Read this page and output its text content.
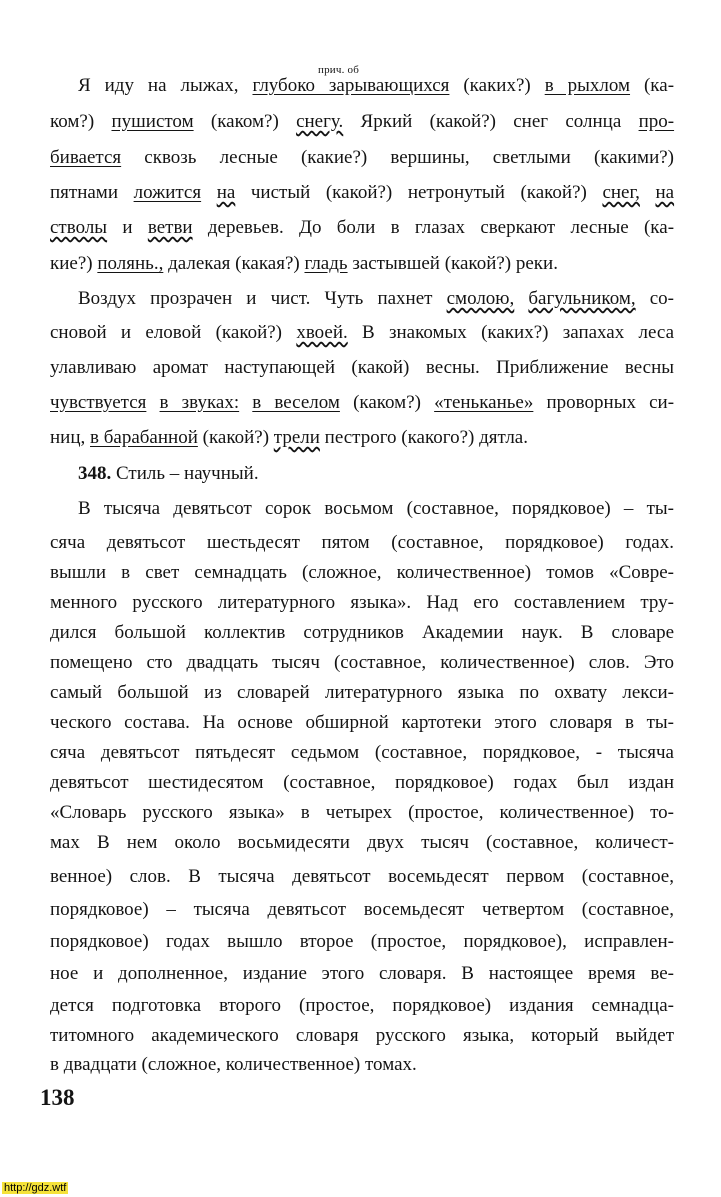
прич. об
Я иду на лыжах, глубоко зарывающихся (каких?) в рыхлом (ка-
ком?) пушистом (каком?) снегу. Яркий (какой?) снег солнца про-
бивается сквозь лесные (какие?) вершины, светлыми (какими?)
пятнами ложится на чистый (какой?) нетронутый (какой?) снег, на
стволы и ветви деревьев. До боли в глазах сверкают лесные (ка-
кие?) полянь., далекая (какая?) гладь застывшей (какой?) реки.
Воздух прозрачен и чист. Чуть пахнет смолою, багульником, со-
сновой и еловой (какой?) хвоей. В знакомых (каких?) запахах леса
улавливаю аромат наступающей (какой) весны. Приближение весны
чувствуется в звуках: в веселом (каком?) «теньканье» проворных си-
ниц, в барабанной (какой?) трели пестрого (какого?) дятла.
348. Стиль – научный.
В тысяча девятьсот сорок восьмом (составное, порядковое) – ты-
сяча девятьсот шестьдесят пятом (составное, порядковое) годах.
вышли в свет семнадцать (сложное, количественное) томов «Совре-
менного русского литературного языка». Над его составлением тру-
дился большой коллектив сотрудников Академии наук. В словаре
помещено сто двадцать тысяч (составное, количественное) слов. Это
самый большой из словарей литературного языка по охвату лекси-
ческого состава. На основе обширной картотеки этого словаря в ты-
сяча девятьсот пятьдесят седьмом (составное, порядковое, - тысяча
девятьсот шестидесятом (составное, порядковое) годах был издан
«Словарь русского языка» в четырех (простое, количественное) то-
мах В нем около восьмидесяти двух тысяч (составное, количест-
венное) слов. В тысяча девятьсот восемьдесят первом (составное,
порядковое) – тысяча девятьсот восемьдесят четвертом (составное,
порядковое) годах вышло второе (простое, порядковое), исправлен-
ное и дополненное, издание этого словаря. В настоящее время ве-
дется подготовка второго (простое, порядковое) издания семнадца-
титомного академического словаря русского языка, который выйдет
в двадцати (сложное, количественное) томах.
138
http://gdz.wtf
